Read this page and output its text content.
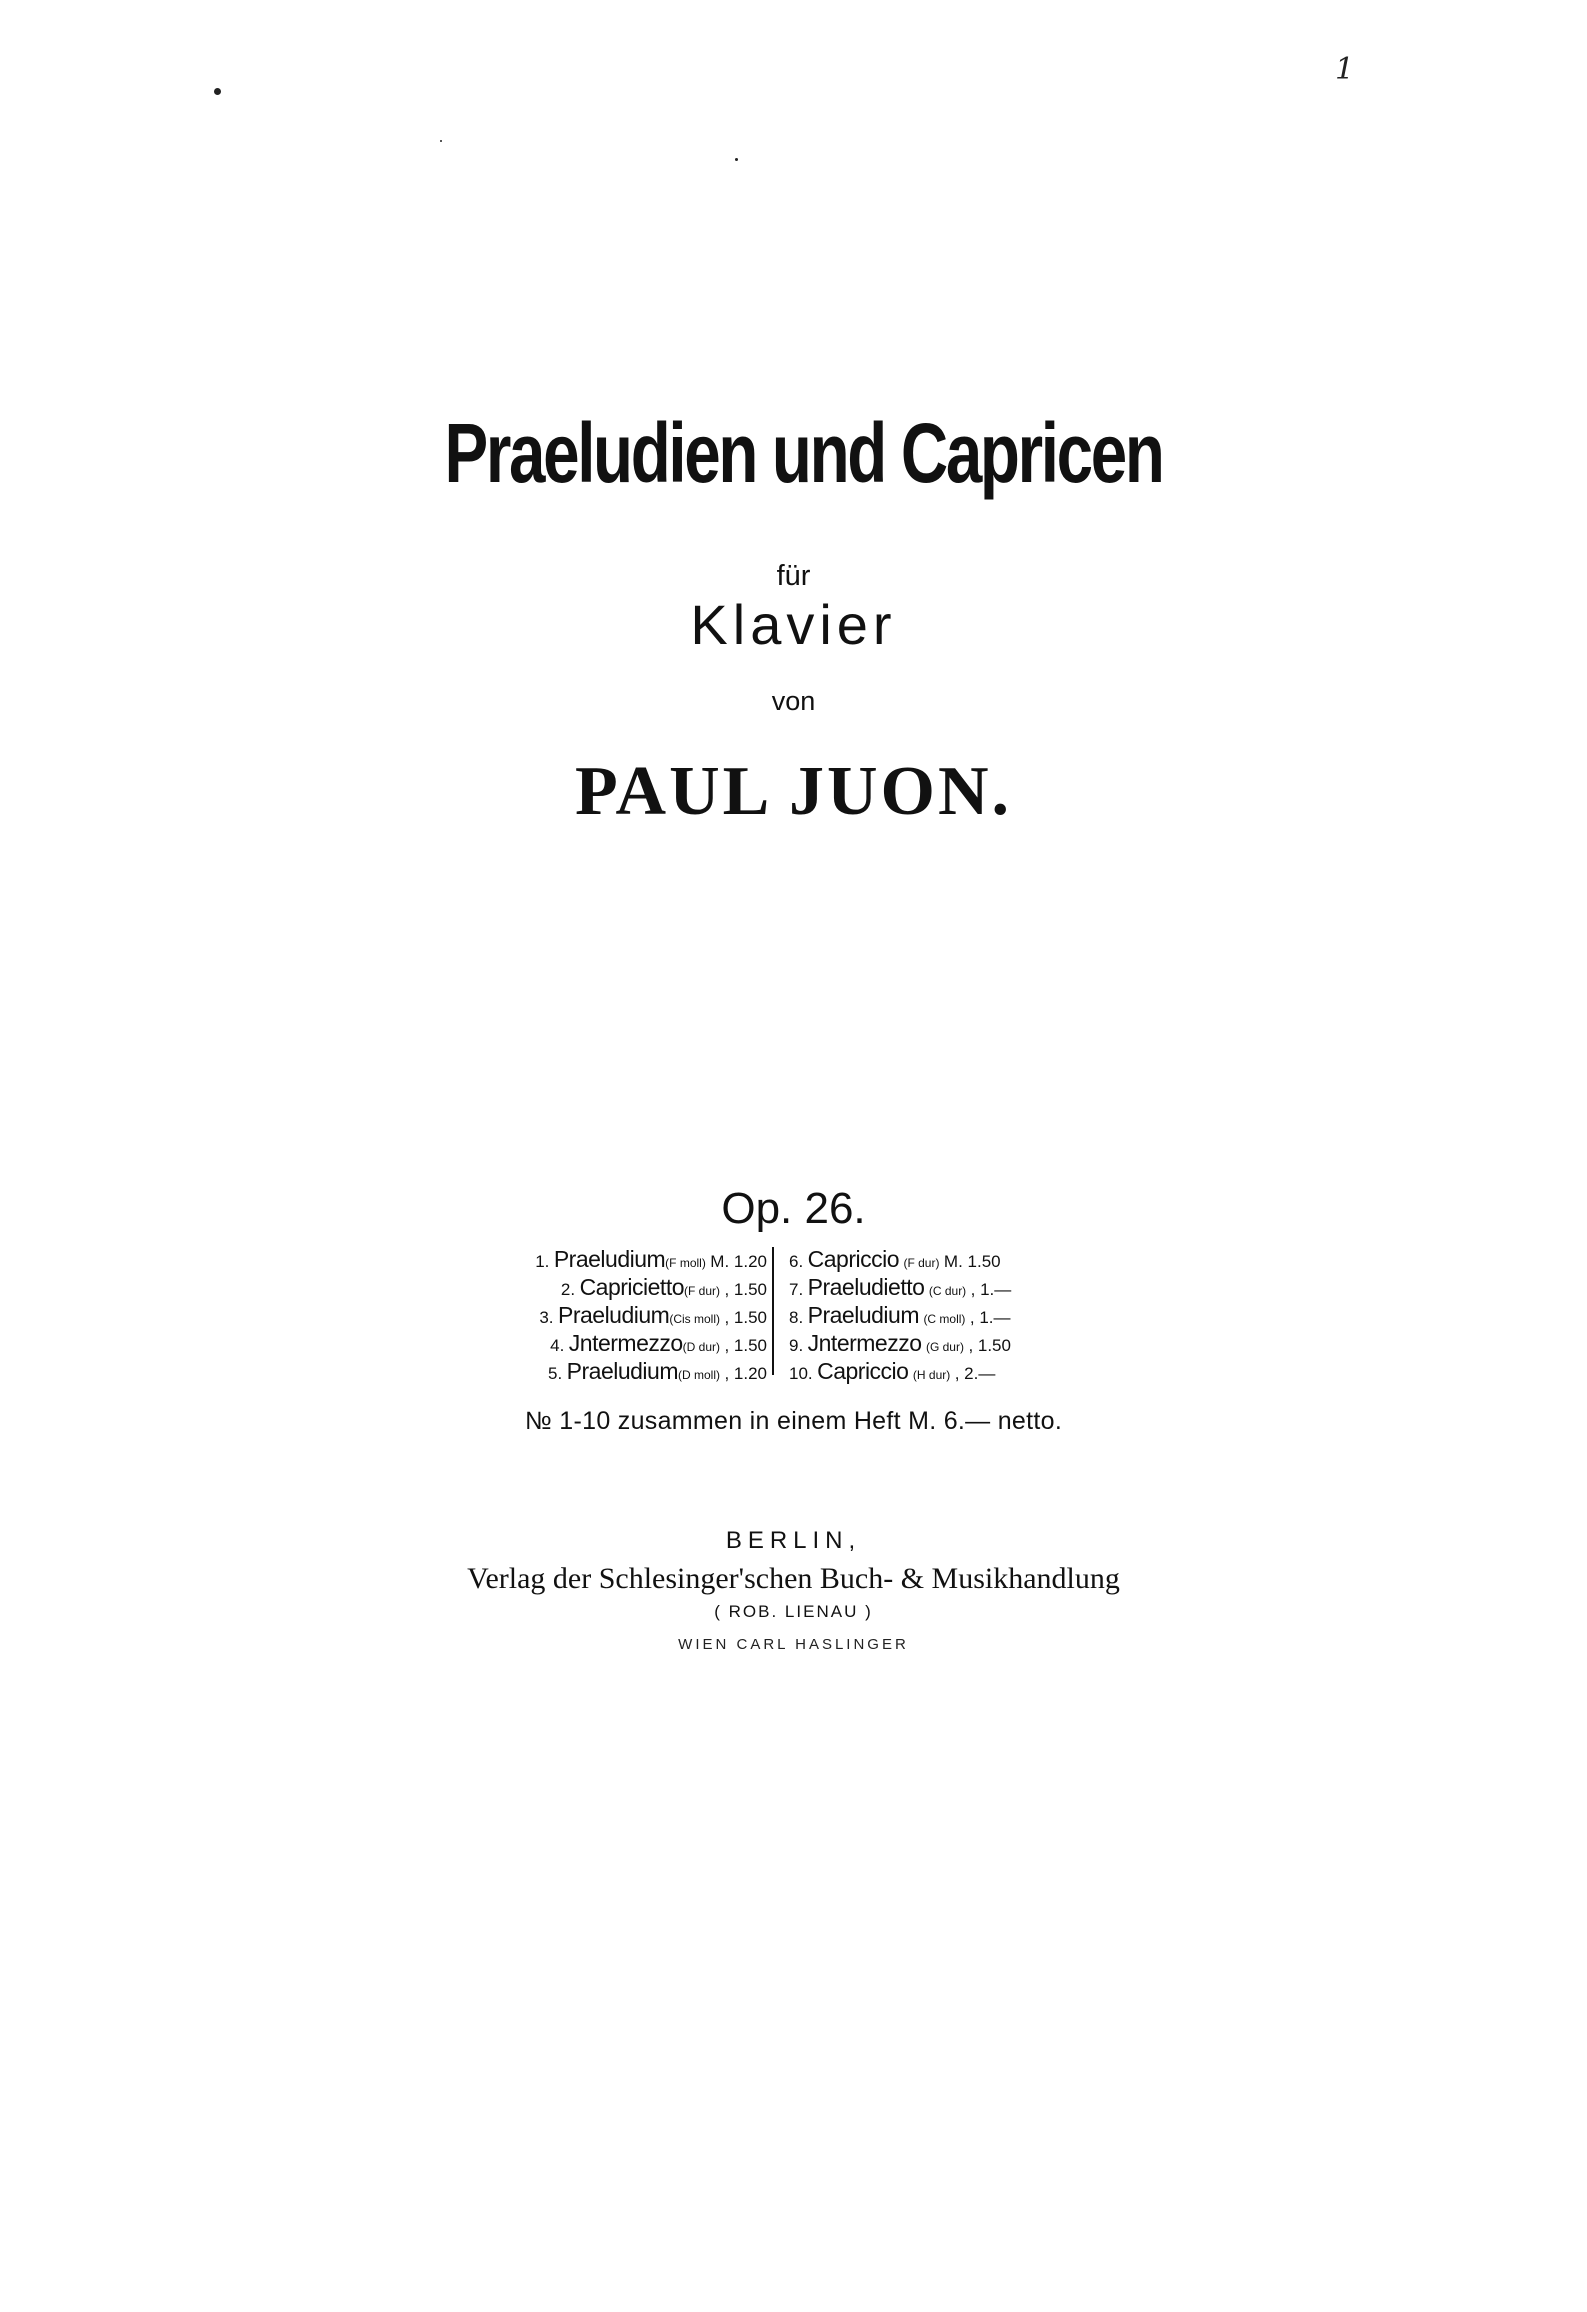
1
Praeludien und Capricen
für
Klavier
von
PAUL JUON.
Op. 26.
1. Praeludium(F moll) M. 1.20
2. Capricietto(F dur) , 1.50
3. Praeludium(Cis moll) , 1.50
4. Jntermezzo(D dur) , 1.50
5. Praeludium(D moll) , 1.20
6. Capriccio (F dur) M. 1.50
7. Praeludietto (C dur) , 1.—
8. Praeludium (C moll) , 1.—
9. Jntermezzo (G dur) , 1.50
10. Capriccio (H dur) , 2.—
№ 1-10 zusammen in einem Heft M. 6.— netto.
BERLIN,
Verlag der Schlesinger'schen Buch- & Musikhandlung
( ROB. LIENAU )
WIEN CARL HASLINGER
